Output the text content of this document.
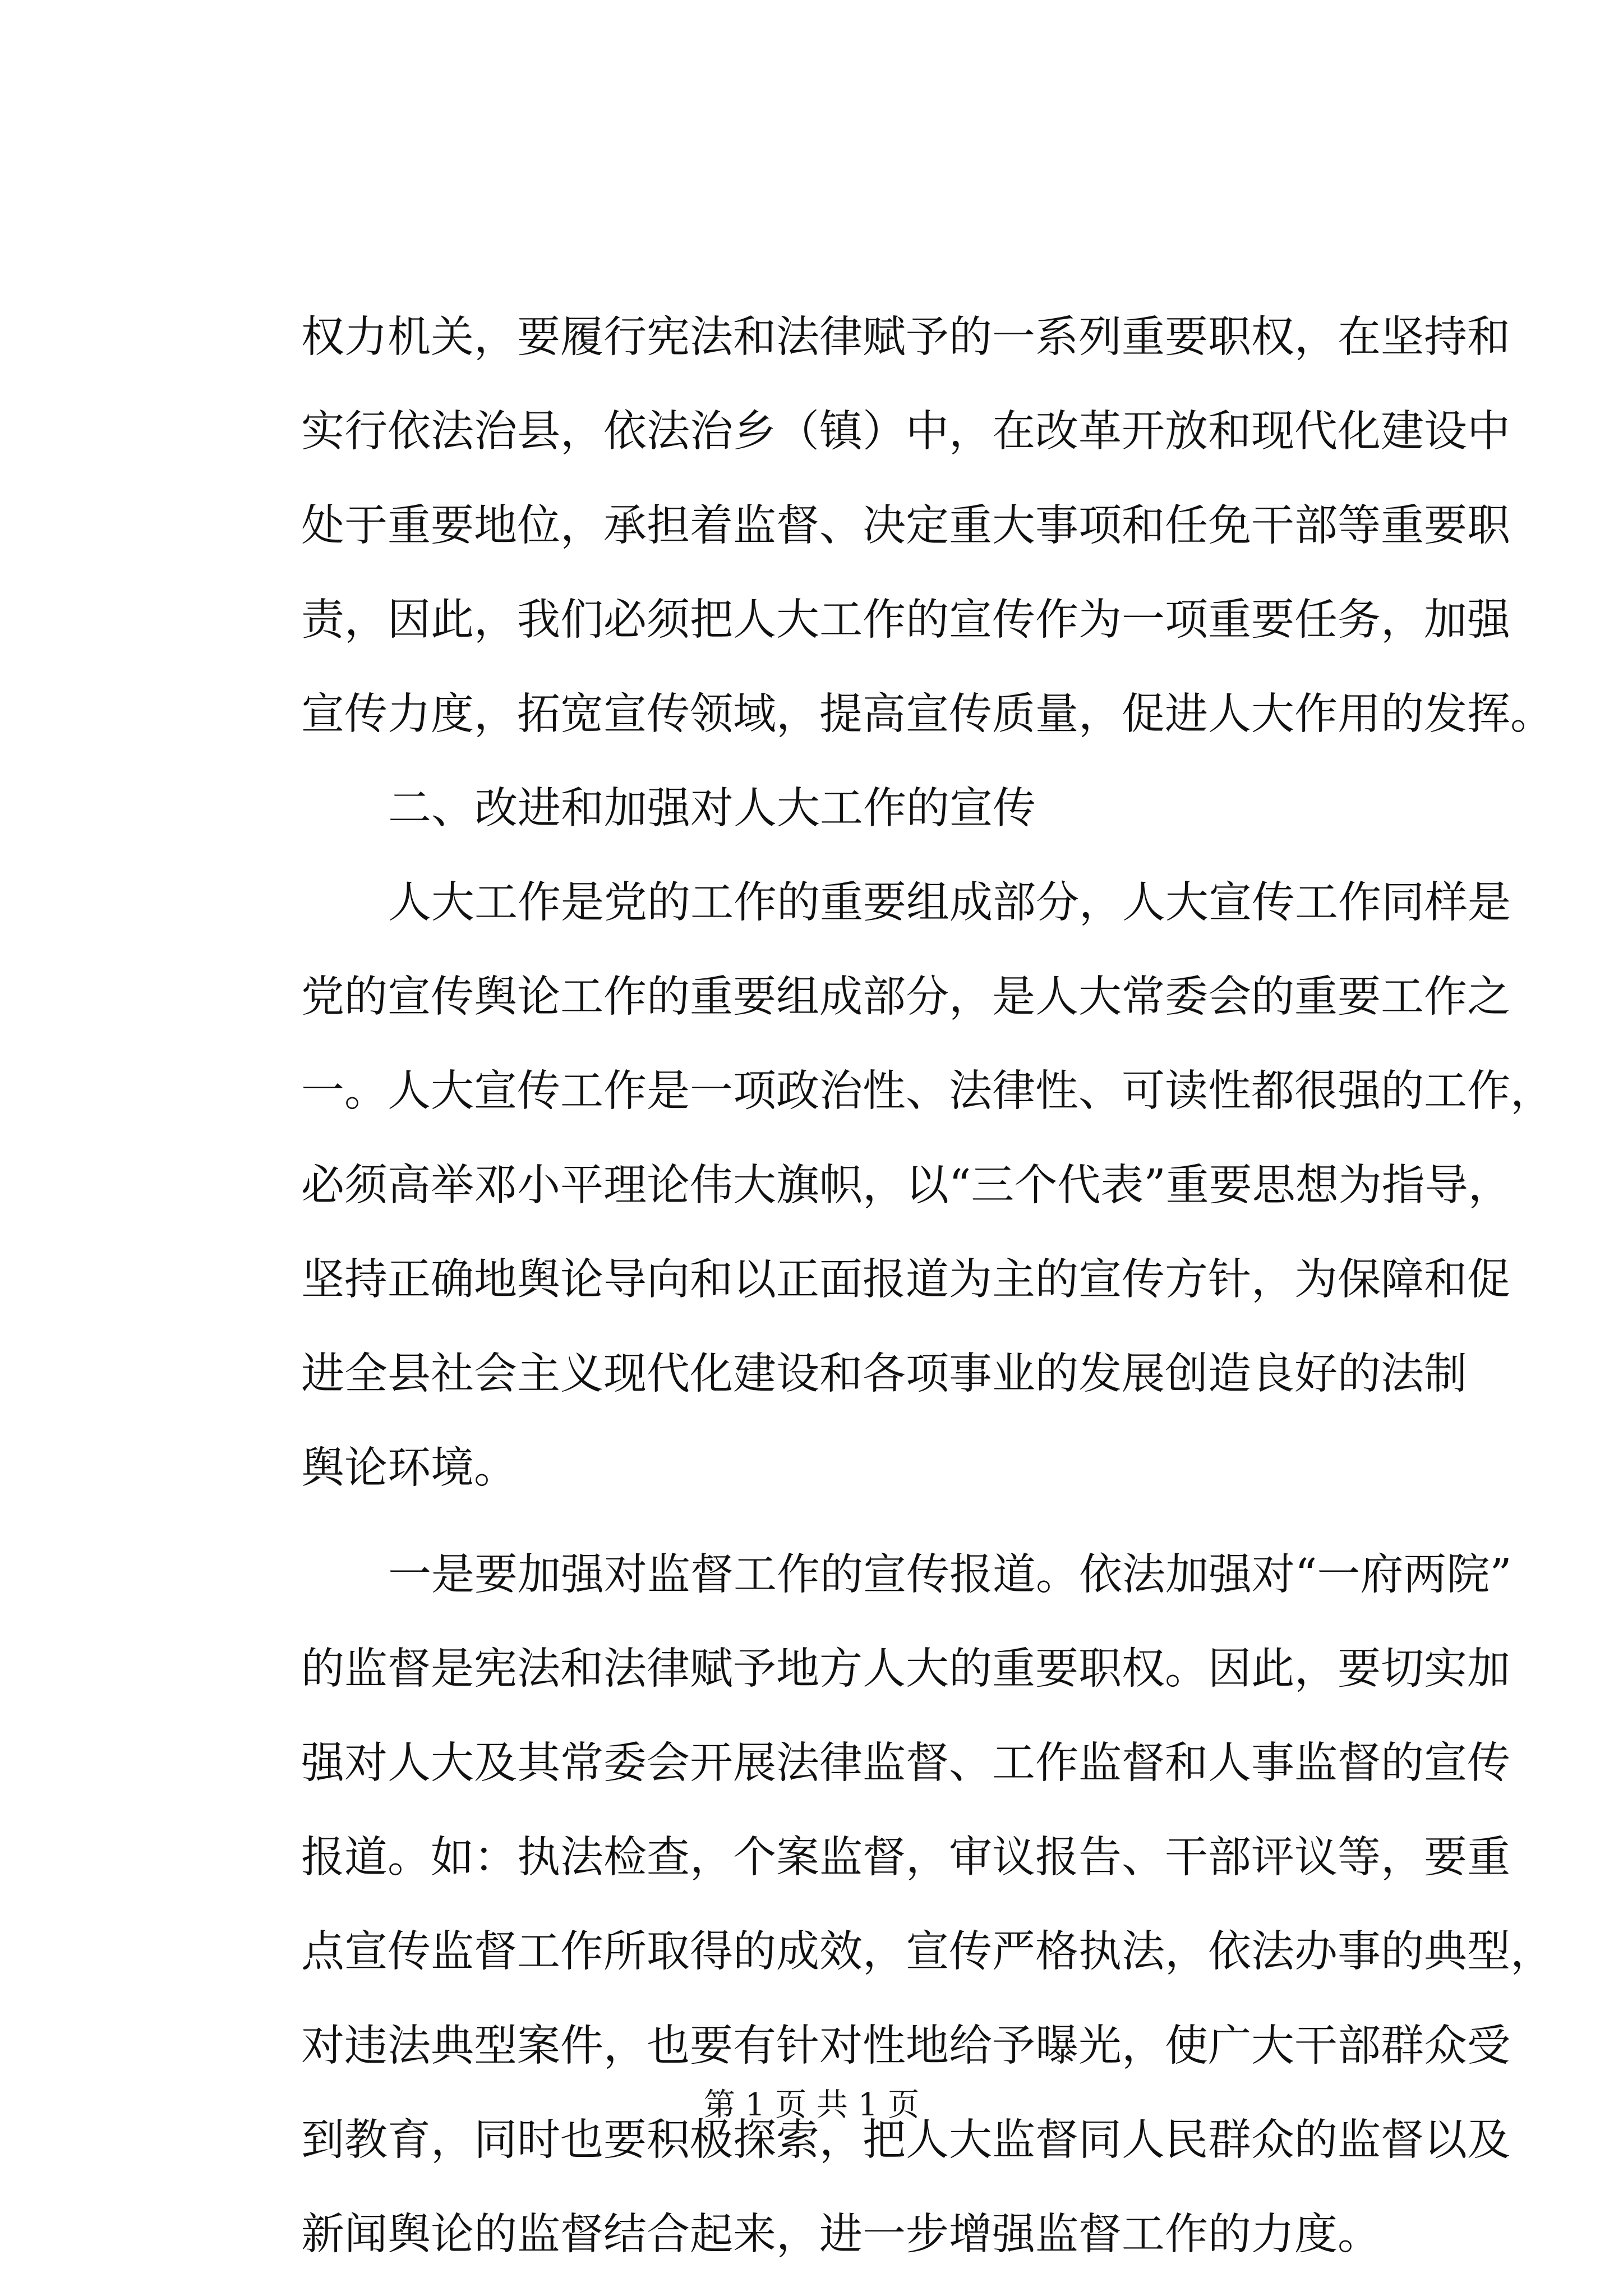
权力机关，要履行宪法和法律赋予的一系列重要职权，在坚持和
实行依法治县，依法治乡（镇）中，在改革开放和现代化建设中
处于重要地位，承担着监督、决定重大事项和任免干部等重要职
责，因此，我们必须把人大工作的宣传作为一项重要任务，加强
宣传力度，拓宽宣传领域，提高宣传质量，促进人大作用的发挥。
二、改进和加强对人大工作的宣传
人大工作是党的工作的重要组成部分，人大宣传工作同样是
党的宣传舆论工作的重要组成部分，是人大常委会的重要工作之
一。人大宣传工作是一项政治性、法律性、可读性都很强的工作，
必须高举邓小平理论伟大旗帜，以“三个代表”重要思想为指导，
坚持正确地舆论导向和以正面报道为主的宣传方针，为保障和促
进全县社会主义现代化建设和各项事业的发展创造良好的法制
舆论环境。
一是要加强对监督工作的宣传报道。依法加强对“一府两院”
的监督是宪法和法律赋予地方人大的重要职权。因此，要切实加
强对人大及其常委会开展法律监督、工作监督和人事监督的宣传
报道。如：执法检查，个案监督，审议报告、干部评议等，要重
点宣传监督工作所取得的成效，宣传严格执法，依法办事的典型，
对违法典型案件，也要有针对性地给予曝光，使广大干部群众受
到教育，同时也要积极探索，把人大监督同人民群众的监督以及
新闻舆论的监督结合起来，进一步增强监督工作的力度。
第 1 页 共 1 页
